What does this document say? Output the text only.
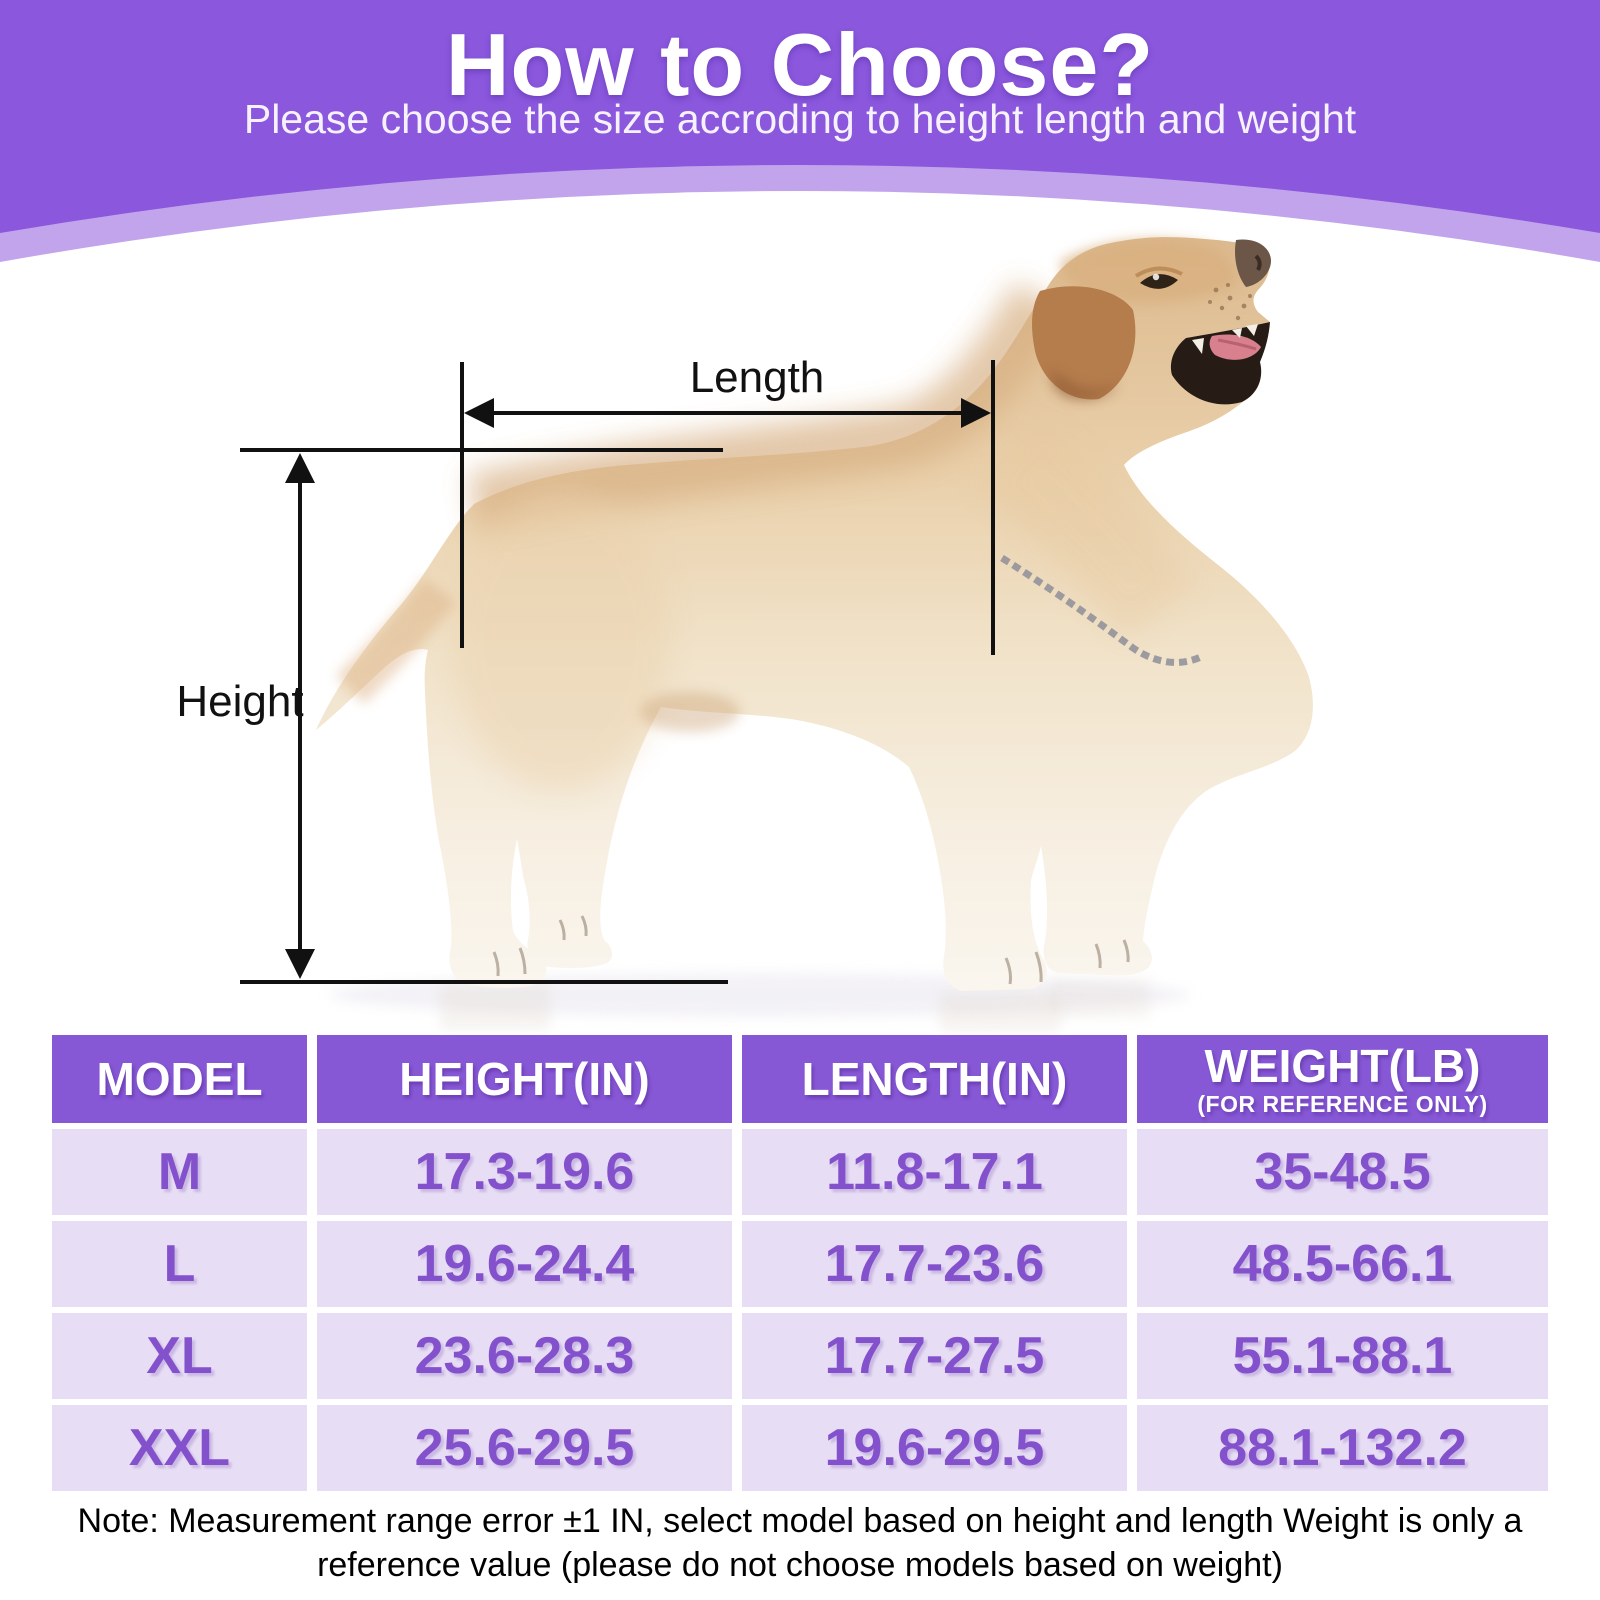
How to Choose?
Please choose the size accroding to height length and weight
Length
Height
MODEL	HEIGHT(IN)	LENGTH(IN)	WEIGHT(LB)
(FOR REFERENCE ONLY)
M	17.3-19.6	11.8-17.1	35-48.5
L	19.6-24.4	17.7-23.6	48.5-66.1
XL	23.6-28.3	17.7-27.5	55.1-88.1
XXL	25.6-29.5	19.6-29.5	88.1-132.2
Note: Measurement range error ±1 IN, select model based on height and length Weight is only a
reference value (please do not choose models based on weight)
